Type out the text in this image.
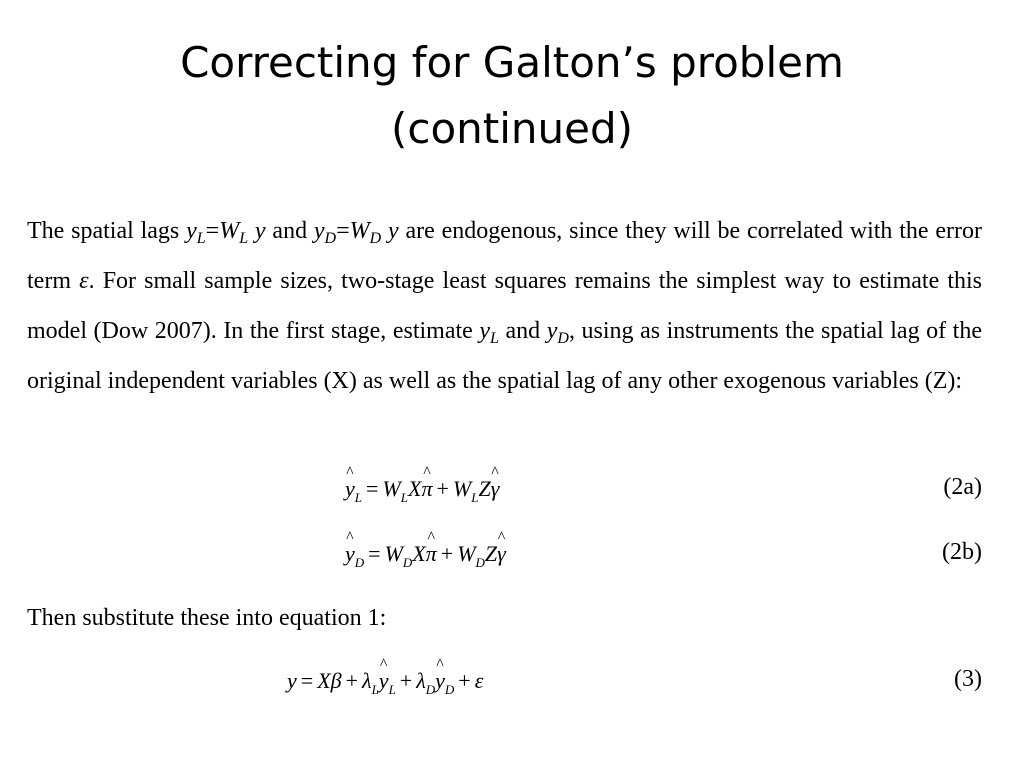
Correcting for Galton’s problem
(continued)

The spatial lags $y_L=W_L$ y and $y_D=W_D$ y are endogenous, since they will be correlated with the error term ε. For small sample sizes, two-stage least squares remains the simplest way to estimate this model (Dow 2007). In the first stage, estimate $y_L$ and $y_D$, using as instruments the spatial lag of the original independent variables (X) as well as the spatial lag of any other exogenous variables (Z):

^ $y_L$ = $W_LX\^{}$ $\pi + W_LZ\^{}$ γ	(2a)
^ $y_D$ = $W_DX\^{}$ $\pi + W_DZ\^{}$ γ	(2b)

Then substitute these into equation 1:

$y = X\beta + \lambda_L\^{}$ $y_L$ + $\lambda_D\^{}$ $y_D + \varepsilon$	(3)
